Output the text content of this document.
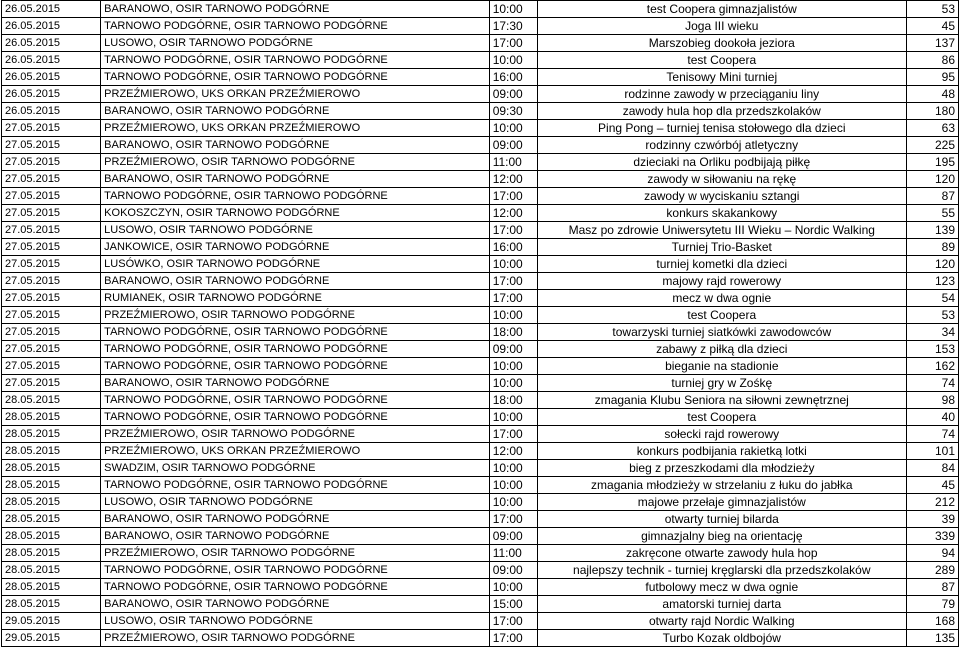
26.05.2015	BARANOWO, OSIR TARNOWO PODGÓRNE	10:00	test Coopera gimnazjalistów	53
26.05.2015	TARNOWO PODGÓRNE, OSIR TARNOWO PODGÓRNE	17:30	Joga III wieku	45
26.05.2015	LUSOWO, OSIR TARNOWO PODGÓRNE	17:00	Marszobieg dookoła jeziora	137
26.05.2015	TARNOWO PODGÓRNE, OSIR TARNOWO PODGÓRNE	10:00	test Coopera	86
26.05.2015	TARNOWO PODGÓRNE, OSIR TARNOWO PODGÓRNE	16:00	Tenisowy Mini turniej	95
26.05.2015	PRZEŹMIEROWO, UKS ORKAN PRZEŹMIEROWO	09:00	rodzinne zawody w przeciąganiu liny	48
26.05.2015	BARANOWO, OSIR TARNOWO PODGÓRNE	09:30	zawody hula hop dla przedszkolaków	180
27.05.2015	PRZEŹMIEROWO, UKS ORKAN PRZEŹMIEROWO	10:00	Ping Pong – turniej tenisa stołowego dla dzieci	63
27.05.2015	BARANOWO, OSIR TARNOWO PODGÓRNE	09:00	rodzinny czwórbój atletyczny	225
27.05.2015	PRZEŹMIEROWO, OSIR TARNOWO PODGÓRNE	11:00	dzieciaki na Orliku podbijają piłkę	195
27.05.2015	BARANOWO, OSIR TARNOWO PODGÓRNE	12:00	zawody w siłowaniu na rękę	120
27.05.2015	TARNOWO PODGÓRNE, OSIR TARNOWO PODGÓRNE	17:00	zawody w wyciskaniu sztangi	87
27.05.2015	KOKOSZCZYN, OSIR TARNOWO PODGÓRNE	12:00	konkurs skakankowy	55
27.05.2015	LUSOWO, OSIR TARNOWO PODGÓRNE	17:00	Masz po zdrowie Uniwersytetu III Wieku – Nordic Walking	139
27.05.2015	JANKOWICE, OSIR TARNOWO PODGÓRNE	16:00	Turniej Trio-Basket	89
27.05.2015	LUSÓWKO, OSIR TARNOWO PODGÓRNE	10:00	turniej kometki dla dzieci	120
27.05.2015	BARANOWO, OSIR TARNOWO PODGÓRNE	17:00	majowy rajd rowerowy	123
27.05.2015	RUMIANEK, OSIR TARNOWO PODGÓRNE	17:00	mecz w dwa ognie	54
27.05.2015	PRZEŹMIEROWO, OSIR TARNOWO PODGÓRNE	10:00	test Coopera	53
27.05.2015	TARNOWO PODGÓRNE, OSIR TARNOWO PODGÓRNE	18:00	towarzyski turniej siatkówki zawodowców	34
27.05.2015	TARNOWO PODGÓRNE, OSIR TARNOWO PODGÓRNE	09:00	zabawy z piłką dla dzieci	153
27.05.2015	TARNOWO PODGÓRNE, OSIR TARNOWO PODGÓRNE	10:00	bieganie na stadionie	162
27.05.2015	BARANOWO, OSIR TARNOWO PODGÓRNE	10:00	turniej gry w Zośkę	74
28.05.2015	TARNOWO PODGÓRNE, OSIR TARNOWO PODGÓRNE	18:00	zmagania Klubu Seniora na siłowni zewnętrznej	98
28.05.2015	TARNOWO PODGÓRNE, OSIR TARNOWO PODGÓRNE	10:00	test Coopera	40
28.05.2015	PRZEŹMIEROWO, OSIR TARNOWO PODGÓRNE	17:00	sołecki rajd rowerowy	74
28.05.2015	PRZEŹMIEROWO, UKS ORKAN PRZEŹMIEROWO	12:00	konkurs podbijania rakietką lotki	101
28.05.2015	SWADZIM, OSIR TARNOWO PODGÓRNE	10:00	bieg z przeszkodami dla młodzieży	84
28.05.2015	TARNOWO PODGÓRNE, OSIR TARNOWO PODGÓRNE	10:00	zmagania młodzieży w strzelaniu z łuku do jabłka	45
28.05.2015	LUSOWO, OSIR TARNOWO PODGÓRNE	10:00	majowe przełaje gimnazjalistów	212
28.05.2015	BARANOWO, OSIR TARNOWO PODGÓRNE	17:00	otwarty turniej bilarda	39
28.05.2015	BARANOWO, OSIR TARNOWO PODGÓRNE	09:00	gimnazjalny bieg na orientację	339
28.05.2015	PRZEŹMIEROWO, OSIR TARNOWO PODGÓRNE	11:00	zakręcone otwarte zawody hula hop	94
28.05.2015	TARNOWO PODGÓRNE, OSIR TARNOWO PODGÓRNE	09:00	najlepszy technik - turniej kręglarski dla przedszkolaków	289
28.05.2015	TARNOWO PODGÓRNE, OSIR TARNOWO PODGÓRNE	10:00	futbolowy mecz w dwa ognie	87
28.05.2015	BARANOWO, OSIR TARNOWO PODGÓRNE	15:00	amatorski turniej darta	79
29.05.2015	LUSOWO, OSIR TARNOWO PODGÓRNE	17:00	otwarty rajd Nordic Walking	168
29.05.2015	PRZEŹMIEROWO, OSIR TARNOWO PODGÓRNE	17:00	Turbo Kozak oldbojów	135
